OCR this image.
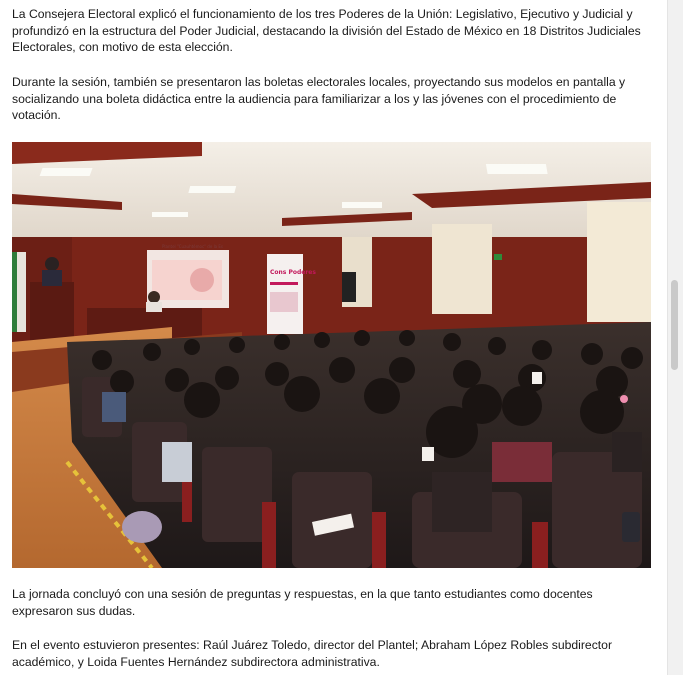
La Consejera Electoral explicó el funcionamiento de los tres Poderes de la Unión: Legislativo, Ejecutivo y Judicial y profundizó en la estructura del Poder Judicial, destacando la división del Estado de México en 18 Distritos Judiciales Electorales, con motivo de esta elección.

Durante la sesión, también se presentaron las boletas electorales locales, proyectando sus modelos en pantalla y socializando una boleta didáctica entre la audiencia para familiarizar a los y las jóvenes con el procedimiento de votación.

Plantel "Cuauhtémoc" de la Es
Cons Poderes

La jornada concluyó con una sesión de preguntas y respuestas, en la que tanto estudiantes como docentes expresaron sus dudas.

En el evento estuvieron presentes: Raúl Juárez Toledo, director del Plantel; Abraham López Robles subdirector académico, y Loida Fuentes Hernández subdirectora administrativa.
